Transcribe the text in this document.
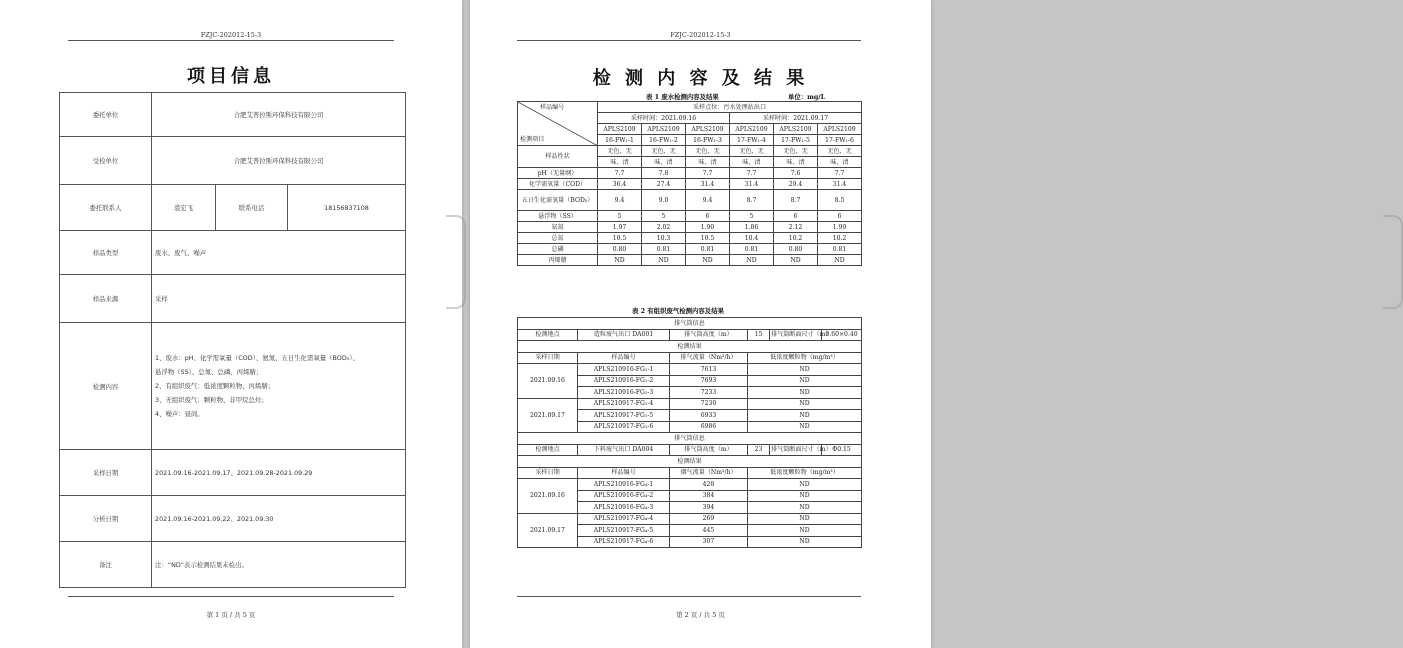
FZJC-202012-15-3
项目信息
委托单位	合肥艾普拉斯环保科技有限公司		
受检单位	合肥艾普拉斯环保科技有限公司		
委托联系人	裘宏飞	联系电话	18156837108
样品类型	废水、废气、噪声		
样品来源	采样		
检测内容	1、废水：pH、化学需氧量（COD）、氨氮、五日生化需氧量（BOD₅）、
悬浮物（SS）、总氮、总磷、丙烯腈；
2、有组织废气：低浓度颗粒物、丙烯腈；
3、无组织废气：颗粒物、非甲烷总烃；
4、噪声：昼间。		

采样日期	2021.09.16-2021.09.17、2021.09.28-2021.09.29		
分析日期	2021.09.16-2021.09.22、2021.09.30		
备注	注：“ND”表示检测结果未检出。		
第 1 页 / 共 5 页
FZJC-202012-15-3
检 测 内 容 及 结 果
表 1 废水检测内容及结果	单位：mg/L
样品编号
检测项目	采样点位：污水处理站出口					
	采样时间：2021.09.16			采样时间：2021.09.17		
	APLS2109	APLS2109	APLS2109	APLS2109	APLS2109	APLS2109
	16-FW₁-1	16-FW₁-2	16-FW₁-3	17-FW₁-4	17-FW₁-5	17-FW₁-6
样品性状	无色、无	无色、无	无色、无	无色、无	无色、无	无色、无
	味、清	味、清	味、清	味、清	味、清	味、清
pH（无量纲）	7.7	7.8	7.7	7.7	7.6	7.7
化学需氧量（COD）	36.4	27.4	31.4	31.4	29.4	31.4
五日生化需氧量（BOD₅）	9.4	9.0	9.4	8.7	8.7	8.5
悬浮物（SS）	5	5	6	5	6	6
氨氮	1.97	2.02	1.90	1.86	2.12	1.99
总氮	10.5	10.3	10.5	10.4	10.2	10.2
总磷	0.80	0.81	0.81	0.81	0.80	0.81
丙烯腈	ND	ND	ND	ND	ND	ND
表 2 有组织废气检测内容及结果
排气筒信息					
检测地点	造粒废气出口 DA001	排气筒高度（m）	15	排气筒断面尺寸（m）	0.60×0.40
检测结果					
采样日期	样品编号	排气流量（Nm³/h）	低浓度颗粒物（mg/m³）		
2021.09.16	APLS210916-FG₁-1	7613	ND		
	APLS210916-FG₁-2	7693	ND		
	APLS210916-FG₁-3	7233	ND		
2021.09.17	APLS210917-FG₁-4	7230	ND		
	APLS210917-FG₁-5	6933	ND		
	APLS210917-FG₁-6	6986	ND		
排气筒信息					
检测地点	下料废气出口 DA004	排气筒高度（m）	23	排气筒断面尺寸（m）	Φ0.15
检测结果					
采样日期	样品编号	烟气流量（Nm³/h）	低浓度颗粒物（mg/m³）		
2021.09.16	APLS210916-FG₄-1	428	ND		
	APLS210916-FG₄-2	384	ND		
	APLS210916-FG₄-3	394	ND		
2021.09.17	APLS210917-FG₄-4	269	ND		
	APLS210917-FG₄-5	445	ND		
	APLS210917-FG₄-6	307	ND		
第 2 页 / 共 5 页
